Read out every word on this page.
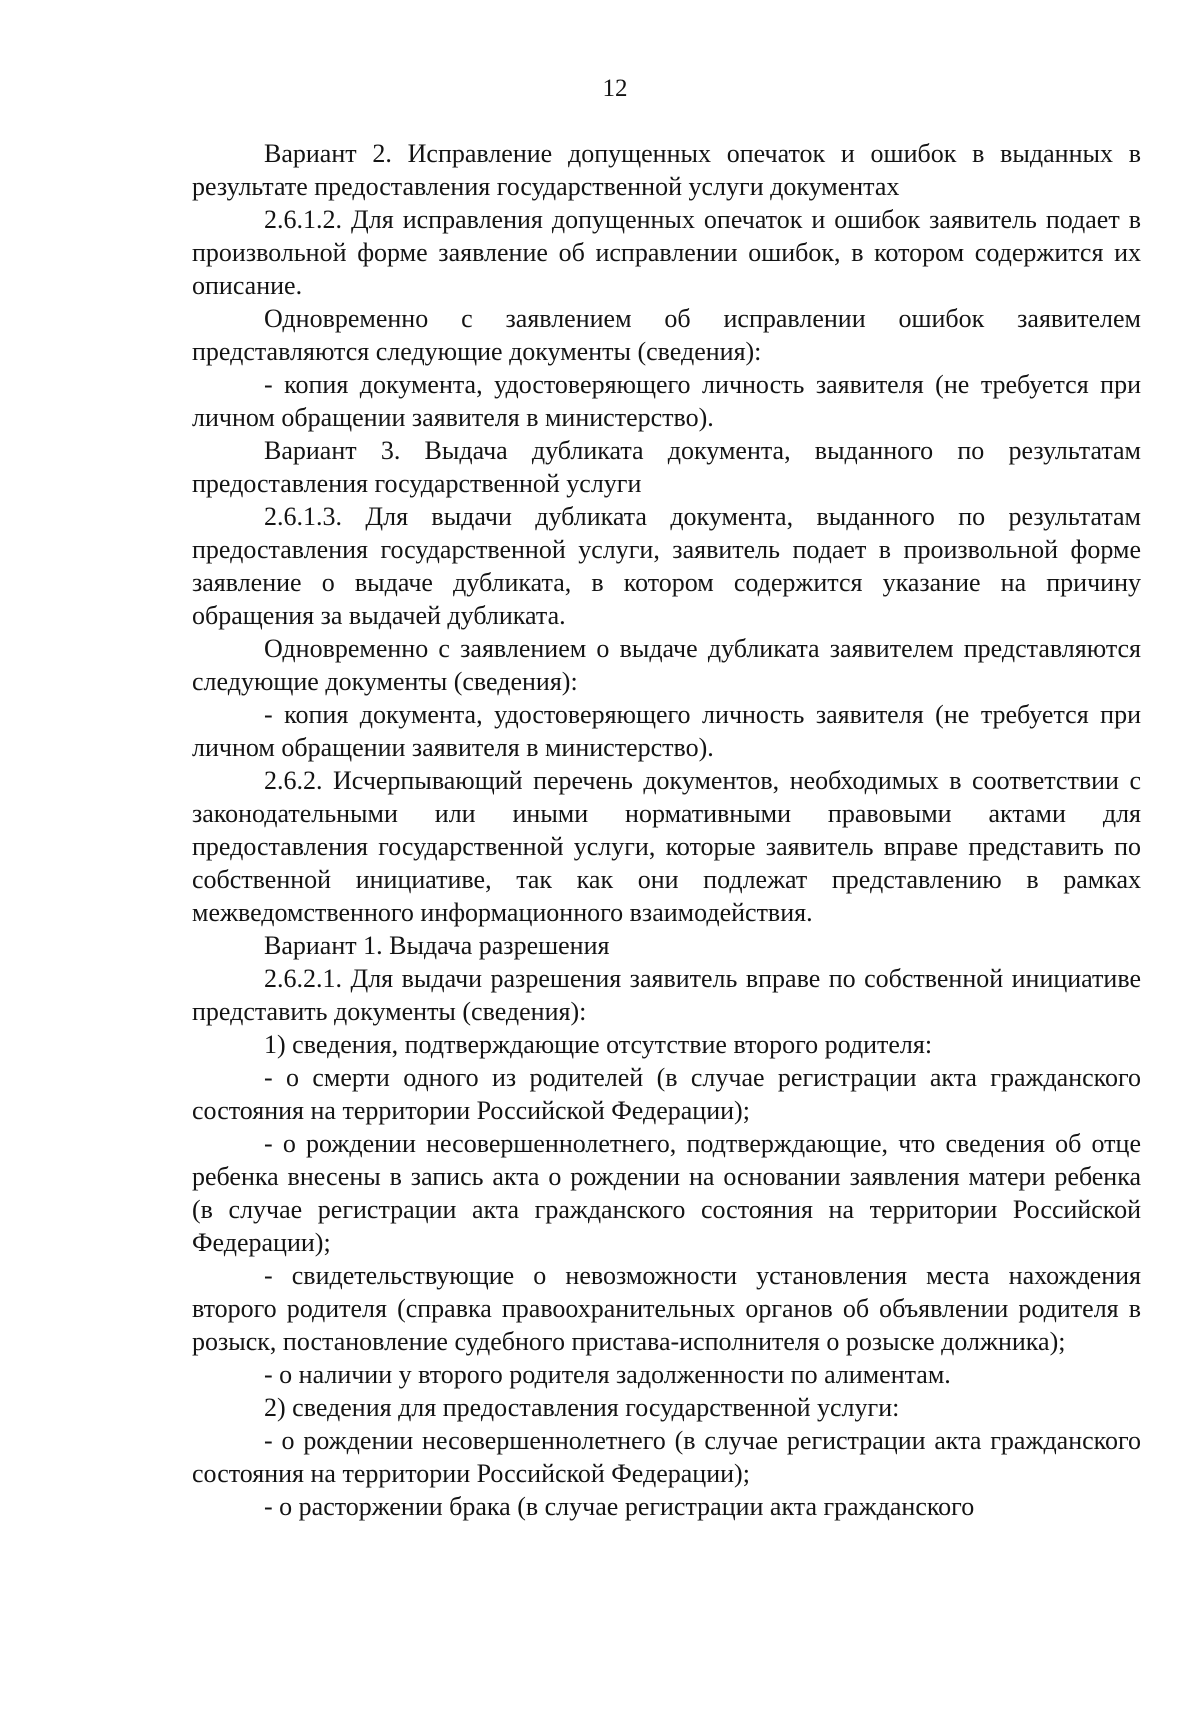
12

Вариант 2. Исправление допущенных опечаток и ошибок в выданных в результате предоставления государственной услуги документах

2.6.1.2. Для исправления допущенных опечаток и ошибок заявитель подает в произвольной форме заявление об исправлении ошибок, в котором содержится их описание.

Одновременно с заявлением об исправлении ошибок заявителем представляются следующие документы (сведения):

- копия документа, удостоверяющего личность заявителя (не требуется при личном обращении заявителя в министерство).

Вариант 3. Выдача дубликата документа, выданного по результатам предоставления государственной услуги

2.6.1.3. Для выдачи дубликата документа, выданного по результатам предоставления государственной услуги, заявитель подает в произвольной форме заявление о выдаче дубликата, в котором содержится указание на причину обращения за выдачей дубликата.

Одновременно с заявлением о выдаче дубликата заявителем представляются следующие документы (сведения):

- копия документа, удостоверяющего личность заявителя (не требуется при личном обращении заявителя в министерство).

2.6.2. Исчерпывающий перечень документов, необходимых в соответствии с законодательными или иными нормативными правовыми актами для предоставления государственной услуги, которые заявитель вправе представить по собственной инициативе, так как они подлежат представлению в рамках межведомственного информационного взаимодействия.

Вариант 1. Выдача разрешения

2.6.2.1. Для выдачи разрешения заявитель вправе по собственной инициативе представить документы (сведения):

1) сведения, подтверждающие отсутствие второго родителя:

- о смерти одного из родителей (в случае регистрации акта гражданского состояния на территории Российской Федерации);

- о рождении несовершеннолетнего, подтверждающие, что сведения об отце ребенка внесены в запись акта о рождении на основании заявления матери ребенка (в случае регистрации акта гражданского состояния на территории Российской Федерации);

- свидетельствующие о невозможности установления места нахождения второго родителя (справка правоохранительных органов об объявлении родителя в розыск, постановление судебного пристава-исполнителя о розыске должника);

- о наличии у второго родителя задолженности по алиментам.

2) сведения для предоставления государственной услуги:

- о рождении несовершеннолетнего (в случае регистрации акта гражданского состояния на территории Российской Федерации);

- о расторжении брака (в случае регистрации акта гражданского
